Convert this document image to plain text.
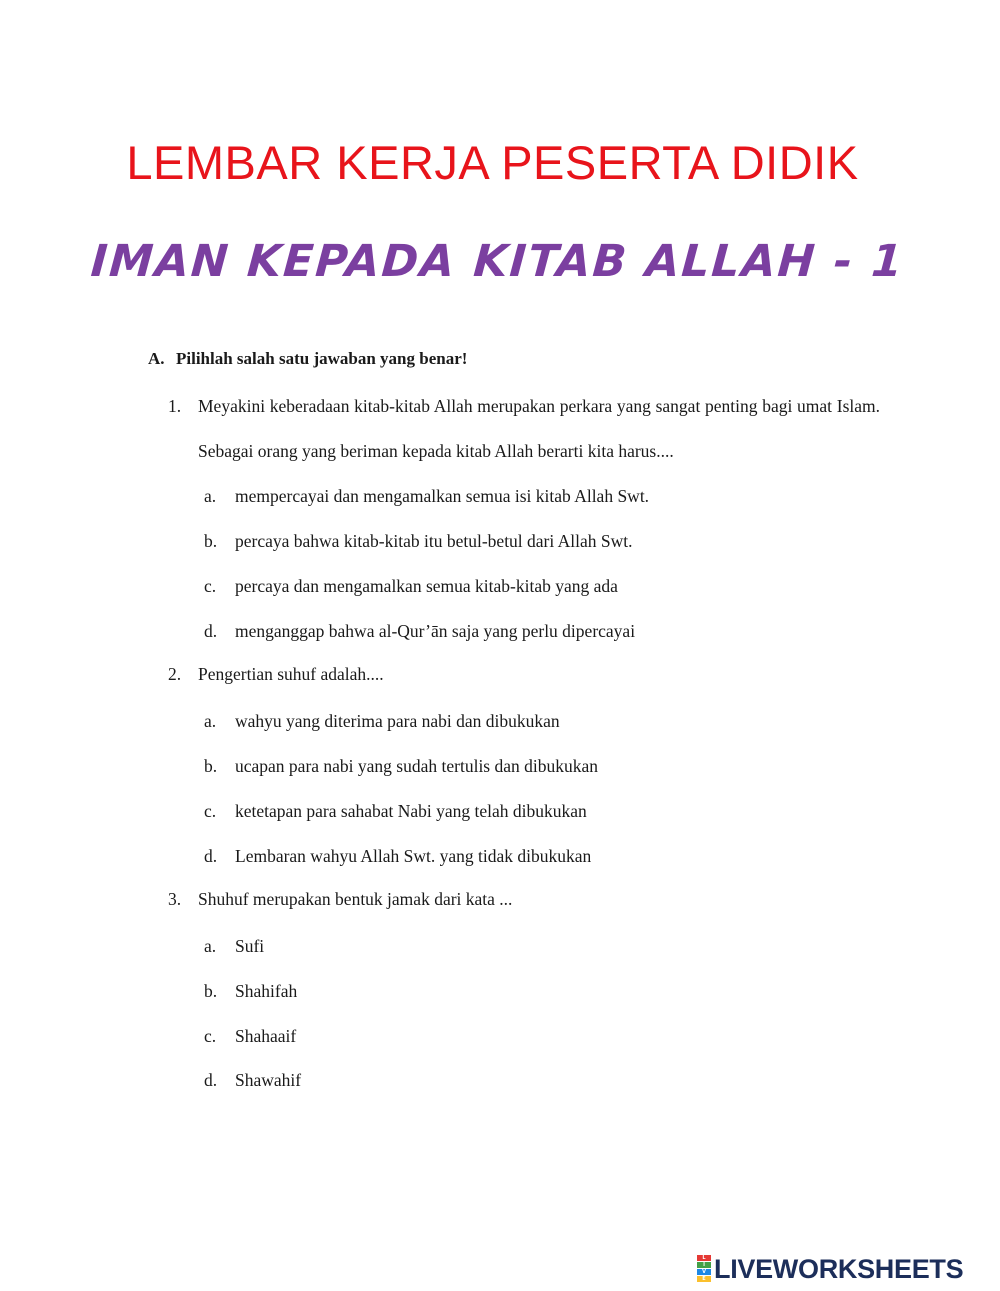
LEMBAR KERJA PESERTA DIDIK
IMAN KEPADA KITAB ALLAH - 1
A. Pilihlah salah satu jawaban yang benar!
1. Meyakini keberadaan kitab-kitab Allah merupakan perkara yang sangat penting bagi umat Islam. Sebagai orang yang beriman kepada kitab Allah berarti kita harus....
a. mempercayai dan mengamalkan semua isi kitab Allah Swt.
b. percaya bahwa kitab-kitab itu betul-betul dari Allah Swt.
c. percaya dan mengamalkan semua kitab-kitab yang ada
d. menganggap bahwa al-Qur’ān saja yang perlu dipercayai
2. Pengertian suhuf adalah....
a. wahyu yang diterima para nabi dan dibukukan
b. ucapan para nabi yang sudah tertulis dan dibukukan
c. ketetapan para sahabat Nabi yang telah dibukukan
d. Lembaran wahyu Allah Swt. yang tidak dibukukan
3. Shuhuf merupakan bentuk jamak dari kata ...
a. Sufi
b. Shahifah
c. Shahaaif
d. Shawahif
L
I
V
E LIVEWORKSHEETS
